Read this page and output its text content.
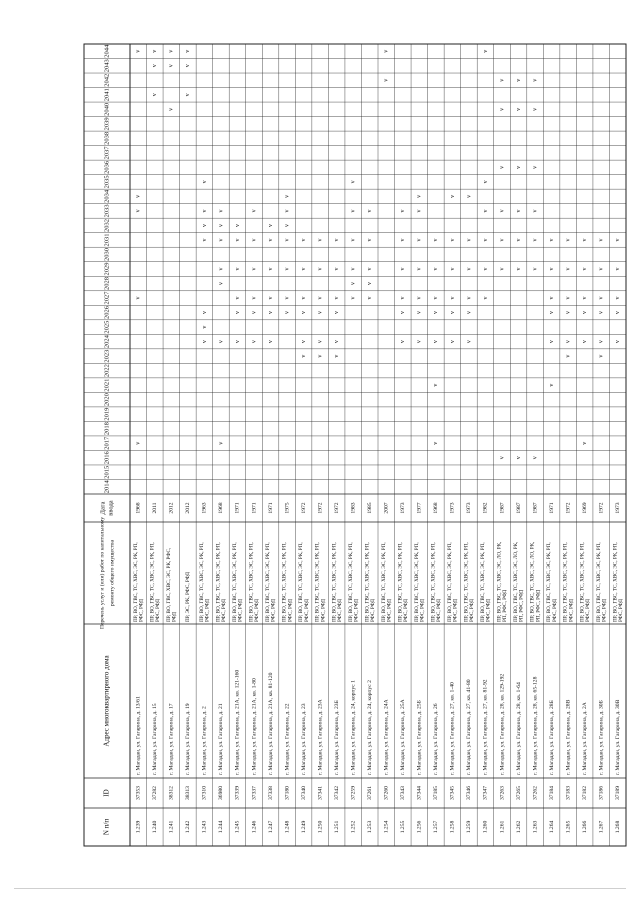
N п/п
ID
Адрес многоквартирного дома
Перечень услуг и (или) работ по капитальному ремонту общего имущества
Дата ввода
2014
2015
2016
2017
2018
2019
2020
2021
2022
2023
2024
2025
2026
2027
2028
2029
2030
2031
2032
2033
2034
2035
2036
2037
2038
2039
2040
2041
2042
2043
2044
1.239
37353
г. Магадан, ул. Гагарина, д. 13/61
ПР, ВО, ГВС, ТС, ХВС, ЭС, РК, РП, РФС, РФД
1968
v
v
v
v
v
1.240
37282
г. Магадан, ул. Гагарина, д. 15
ПР, ВО, ГВС, ТС, ХВС, ЭС, РК, РП, РФС, РФД
2011
v
v
v
1.241
38312
г. Магадан, ул. Гагарина, д. 17
ПР, ВО, ГВС, ХВС, ЭС, РК, РФС, РФД
2012
v
v
v
1.242
38313
г. Магадан, ул. Гагарина, д. 19
ПР, ЭС, РК, РФС, РФД
2012
v
v
v
1.243
37310
г. Магадан, ул. Гагарина, д. 2
ПР, ВО, ГВС, ТС, ХВС, ЭС, РК, РП, РФС, РФД
1963
v
v
v
v
v
v
v
1.244
36980
г. Магадан, ул. Гагарина, д. 21
ПР, ВО, ГВС, ТС, ХВС, ЭС, РК, РП, РФС, РФД
1968
v
v
v
v
v
v
v
1.245
37339
г. Магадан, ул. Гагарина, д. 21А, кв. 121-160
ПР, ВО, ГВС, ТС, ХВС, ЭС, РК, РП, РФС, РФД
1971
v
v
v
v
v
v
1.246
37337
г. Магадан, ул. Гагарина, д. 21А, кв. 1-80
ПР, ВО, ГВС, ТС, ХВС, ЭС, РК, РП, РФС, РФД
1971
v
v
v
v
v
v
1.247
37338
г. Магадан, ул. Гагарина, д. 21А, кв. 81-120
ПР, ВО, ГВС, ТС, ХВС, ЭС, РК, РП, РФС, РФД
1971
v
v
v
v
v
v
1.248
37180
г. Магадан, ул. Гагарина, д. 22
ПР, ВО, ГВС, ТС, ХВС, ЭС, РК, РП, РФС, РФД
1975
v
v
v
v
v
v
v
1.249
37340
г. Магадан, ул. Гагарина, д. 23
ПР, ВО, ГВС, ТС, ХВС, ЭС, РК, РП, РФС, РФД
1972
v
v
v
v
v
v
1.250
37341
г. Магадан, ул. Гагарина, д. 23А
ПР, ВО, ГВС, ТС, ХВС, ЭС, РК, РП, РФС, РФД
1972
v
v
v
v
v
v
1.251
37342
г. Магадан, ул. Гагарина, д. 23Б
ПР, ВО, ГВС, ТС, ХВС, ЭС, РК, РП, РФС, РФД
1972
v
v
v
v
v
v
1.252
37259
г. Магадан, ул. Гагарина, д. 24, корпус 1
ПР, ВО, ГВС, ТС, ХВС, ЭС, РК, РП, РФС, РФД
1983
v
v
v
v
v
v
1.253
37261
г. Магадан, ул. Гагарина, д. 24, корпус 2
ПР, ВО, ГВС, ТС, ХВС, ЭС, РК, РП, РФС, РФД
1985
v
v
v
v
v
1.254
37260
г. Магадан, ул. Гагарина, д. 24А
ПР, ВО, ГВС, ТС, ХВС, ЭС, РК, РП, РФС, РФД
2007
v
v
1.255
37343
г. Магадан, ул. Гагарина, д. 25А
ПР, ВО, ГВС, ТС, ХВС, ЭС, РК, РП, РФС, РФД
1973
v
v
v
v
v
v
1.256
37344
г. Магадан, ул. Гагарина, д. 25Б
ПР, ВО, ГВС, ТС, ХВС, ЭС, РК, РП, РФС, РФД
1977
v
v
v
v
v
v
v
1.257
37185
г. Магадан, ул. Гагарина, д. 26
ПР, ВО, ГВС, ТС, ХВС, ЭС, РК, РП, РФС, РФД
1968
v
v
v
v
v
v
v
1.258
37345
г. Магадан, ул. Гагарина, д. 27, кв. 1-40
ПР, ВО, ГВС, ТС, ХВС, ЭС, РК, РП, РФС, РФД
1973
v
v
v
v
v
v
1.259
37346
г. Магадан, ул. Гагарина, д. 27, кв. 41-80
ПР, ВО, ГВС, ТС, ХВС, ЭС, РК, РП, РФС, РФД
1973
v
v
v
v
v
v
1.260
37347
г. Магадан, ул. Гагарина, д. 27, кв. 81-92
ПР, ВО, ГВС, ТС, ХВС, ЭС, РК, РП, РФС, РФД
1982
v
v
v
v
v
v
1.261
37263
г. Магадан, ул. Гагарина, д. 28, кв. 129-192
ПР, ВО, ГВС, ТС, ХВС, ЭС, ЛО, РК, РП, РФС, РФД
1987
v
v
v
v
v
v
v
1.262
37265
г. Магадан, ул. Гагарина, д. 28, кв. 1-64
ПР, ВО, ГВС, ТС, ХВС, ЭС, ЛО, РК, РП, РФС, РФД
1987
v
v
v
v
v
v
v
1.263
37262
г. Магадан, ул. Гагарина, д. 28, кв. 65-128
ПР, ВО, ГВС, ТС, ХВС, ЭС, ЛО, РК, РП, РФС, РФД
1987
v
v
v
v
v
v
v
1.264
37184
г. Магадан, ул. Гагарина, д. 28Б
ПР, ВО, ГВС, ТС, ХВС, ЭС, РК, РП, РФС, РФД
1971
v
v
v
v
v
v
1.265
37183
г. Магадан, ул. Гагарина, д. 28В
ПР, ВО, ГВС, ТС, ХВС, ЭС, РК, РП, РФС, РФД
1972
v
v
v
v
v
v
1.266
37182
г. Магадан, ул. Гагарина, д. 2А
ПР, ВО, ГВС, ТС, ХВС, ЭС, РК, РП, РФС, РФД
1969
v
v
v
v
v
v
1.267
37186
г. Магадан, ул. Гагарина, д. 30Б
ПР, ВО, ГВС, ТС, ХВС, ЭС, РК, РП, РФС, РФД
1972
v
v
v
v
v
v
1.268
37189
г. Магадан, ул. Гагарина, д. 30В
ПР, ВО, ГВС, ТС, ХВС, ЭС, РК, РП, РФС, РФД
1973
v
v
v
v
v
